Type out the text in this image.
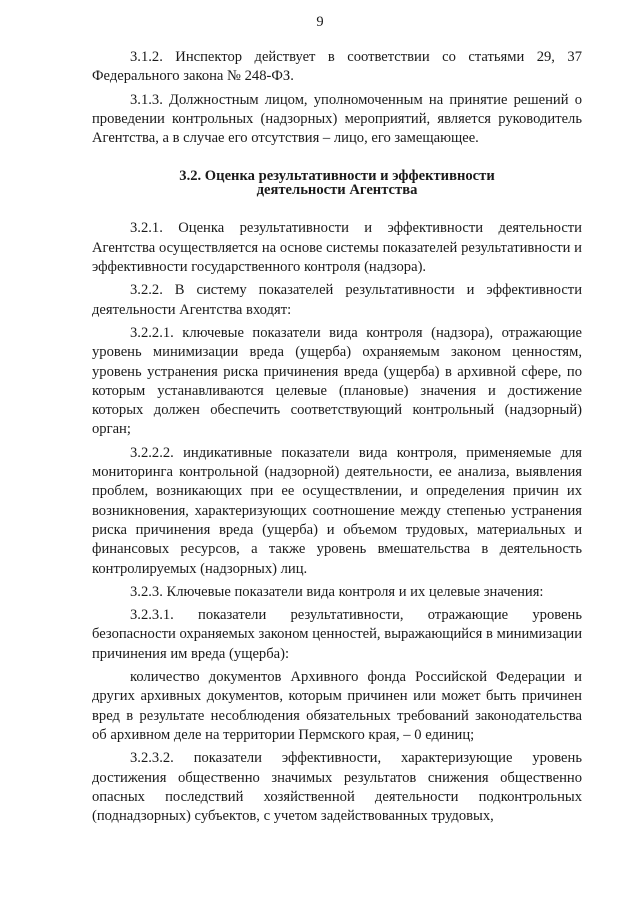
9

3.1.2. Инспектор действует в соответствии со статьями 29, 37 Федерального закона № 248-ФЗ.

3.1.3. Должностным лицом, уполномоченным на принятие решений о проведении контрольных (надзорных) мероприятий, является руководитель Агентства, а в случае его отсутствия – лицо, его замещающее.

3.2. Оценка результативности и эффективности
деятельности Агентства

3.2.1. Оценка результативности и эффективности деятельности Агентства осуществляется на основе системы показателей результативности и эффективности государственного контроля (надзора).

3.2.2. В систему показателей результативности и эффективности деятельности Агентства входят:

3.2.2.1. ключевые показатели вида контроля (надзора), отражающие уровень минимизации вреда (ущерба) охраняемым законом ценностям, уровень устранения риска причинения вреда (ущерба) в архивной сфере, по которым устанавливаются целевые (плановые) значения и достижение которых должен обеспечить соответствующий контрольный (надзорный) орган;

3.2.2.2. индикативные показатели вида контроля, применяемые для мониторинга контрольной (надзорной) деятельности, ее анализа, выявления проблем, возникающих при ее осуществлении, и определения причин их возникновения, характеризующих соотношение между степенью устранения риска причинения вреда (ущерба) и объемом трудовых, материальных и финансовых ресурсов, а также уровень вмешательства в деятельность контролируемых (надзорных) лиц.

3.2.3. Ключевые показатели вида контроля и их целевые значения:

3.2.3.1. показатели результативности, отражающие уровень безопасности охраняемых законом ценностей, выражающийся в минимизации причинения им вреда (ущерба):

количество документов Архивного фонда Российской Федерации и других архивных документов, которым причинен или может быть причинен вред в результате несоблюдения обязательных требований законодательства об архивном деле на территории Пермского края, – 0 единиц;

3.2.3.2. показатели эффективности, характеризующие уровень достижения общественно значимых результатов снижения общественно опасных последствий хозяйственной деятельности подконтрольных (поднадзорных) субъектов, с учетом задействованных трудовых,
